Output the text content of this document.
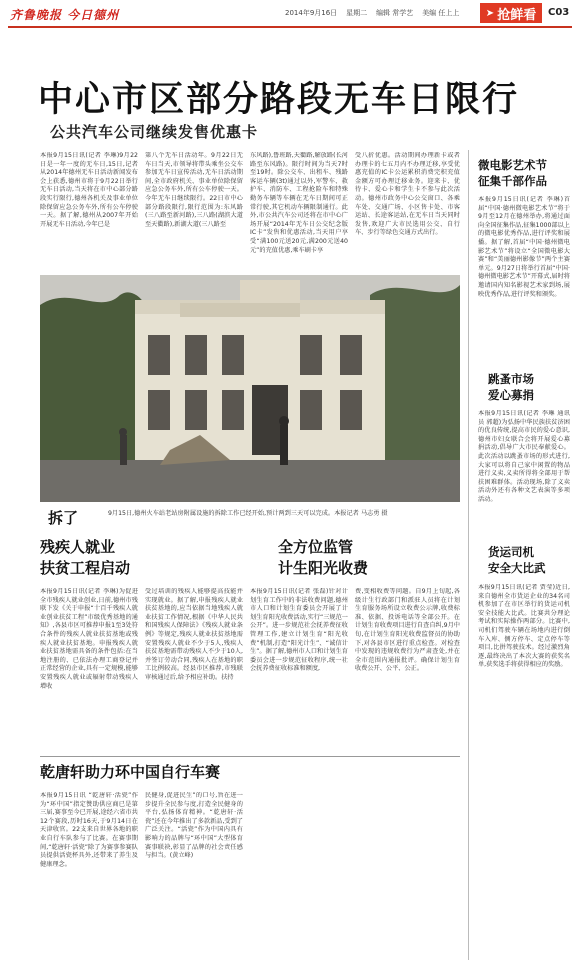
齐鲁晚报 今日德州	2014年9月16日 星期二 编辑 常学艺 美编 任上上	➤ 抢鲜看 C03
中心市区部分路段无车日限行
公共汽车公司继续发售优惠卡
本报9月15日讯(记者 李琳)9月22日是一年一度的无车日,15日,记者从2014年德州无车日活动新闻发布会上获悉,德州市将于9月22日举行无车日活动,当天将在市中心部分路段实行限行,德州各机关及事业单位除保留应急公务车外,所有公车停驶一天。据了解,德州从2007年开始开展无车日活动,今年已是
第八个无车日活动年。9月22日无车日当天,市领导将带头乘坐公交车参加无车日宣传活动,无车日活动期间,全市政府机关、事业单位除保留应急公务车外,所有公车停驶一天。今年无车日继续限行。22日市中心部分路段限行,限行范围为:东风路(三八路至新河路),三八路(湖滨大道至天衢路),新湖大道(三八路至
东风路),鲁班路,天衢路,解放路(长河路至东风路)。限行时间为当天7时至19时。除公交车、出租车、残路客运车辆(3t)通过以外,军警车、救护车、消防车、工程抢险车和特殊勤务车辆等车辆在无车日期间可正常行驶,其它机动车辆限制通行。此外,市公共汽车公司还将在市中心广场开展“2014年无车日公交纪念版IC卡”发售和优惠活动,当天用户享受“满100元送20元,满200元送40元”的充值优惠,乘车刷卡享
受八折优惠。活动期间办理新卡或者办理卡的七五月内不办理迁移,享受优惠充值的IC卡公运累积消费完积充值金额方可办理迁移业务。迎来卡、优待卡、爱心卡和学生卡不参与此次活动。德州市政务中心公交窗口、各乘车处、交通广场、小区售卡处、市客运站、长途客运站,在无车日当天同时发售,欢迎广大市民选用公交、自行车、步行等绿色交通方式出行。
拆了	9月15日,德州火车站老站房附属设施的拆除工作已经开始,预计两到三天可以完成。本报记者 马志勇 摄
残疾人就业
扶贫工程启动
本报9月15日讯(记者 李琳)为促进全市残疾人就业创业,日前,德州市残联下发《关于申报“十百千残疾人就业创业扶贫工程”市级优秀基地的通知》,各县市区可推荐申报1至3处符合条件的残疾人就业扶贫基地或残疾人就业扶贫基地。申报残疾人就业扶贫基地需具备的条件包括:在当地注册的、已依法办理工商登记并正常经营的企业,具有一定规模,能够安置残疾人就业或辐射带动残疾人增收
受过培训的残疾人能够提高技能并实现就业。据了解,申报残疾人就业扶贫基地的,应当依据当地残疾人就业扶贫工作情况,根据《中华人民共和国残疾人保障法》《残疾人就业条例》等规定,残疾人就业扶贫基地需安置残疾人就业不少于5人,残疾人扶贫基地需带动残疾人不少于10人,并签订劳动合同,残疾人在基地的职工比例较高。经县市区推荐,市残联审核通过后,给予相应补助。扶持
全方位监管
计生阳光收费
本报9月15日讯(记者 张磊)针对计划生育工作中的非法收费问题,德州市人口和计划生育委员会开展了计划生育阳光收费活动,实行“三规范一公开”。进一步规范社会抚养费征收管理工作,建立计划生育“阳光收费”机制,打造“阳光计生”、“诚信计生”。据了解,德州市人口和计划生育委员会进一步规范征收程序,统一社会抚养费征收标准和额度,
费,变相收费等问题。自9月上旬起,各级计生行政部门和派驻人员将在计划生育服务场所设立收费公示牌,收费标准、依据、投诉电话等全部公开。在计划生育收费项目进行自查自纠,9月中旬,在计划生育阳光收费监督员的协助下,对各县市区进行重点检查。对检查中发现的违规收费行为严肃查处,并在全市范围内通报批评。确保计划生育收费公开、公平、公正。
乾唐轩助力环中国自行车赛
本报9月15日讯 “乾唐轩·活瓷”作为“环中国”指定赞助供应商已是第三届,赛事至今已开展,途经六省市共12个赛段,历时16天,于9月14日在天津收官。22支来自世界各地的职业自行车队参与了比赛。在赛事期间,“乾唐轩·活瓷”除了为赛事参赛队员提供活瓷杯具外,还带来了养生及健康理念。
民健身,促进民生”的口号,旨在进一步提升全民参与度,打造全民健身的平台,弘扬体育精神。“乾唐轩·活瓷”还在今年推出了多款新品,受到了广泛关注。“活瓷”作为中国内具有影响力的品牌与“环中国”大型体育赛事联袂,彰显了品牌的社会责任感与担当。(黄立峰)
微电影艺术节
征集千部作品
本报9月15日讯(记者 李琳)首届“中国·德州微电影艺术节”将于9月至12月在德州举办,将通过面向全国征集作品,征集1000部以上的微电影优秀作品,进行评奖和展播。据了解,首届“中国·德州微电影艺术节”将设立“全国微电影大赛”和“美丽德州影像节”两个主赛单元。9月27日将举行首届“中国·德州微电影艺术节”开幕式,届时将邀请国内知名影视艺术家到场,展映优秀作品,进行评奖和颁奖。
跳蚤市场
爱心募捐
本报9月15日讯(记者 李琳 通讯员 郭超)为弘扬中华民族扶贫济困的优良传统,提高市民的爱心意识,德州市妇女联合会将开展爱心募捐活动,倡导广大市民奉献爱心。此次活动以跳蚤市场的形式进行,大家可以将自己家中闲置的物品进行义卖,义卖所得将全部用于帮扶困难群体。活动现场,除了义卖活动外还有各种文艺表演等多项活动。
货运司机
安全大比武
本报9月15日讯(记者 贾莹)近日,来自德州全市货运企业的34名司机参加了在市区举行的货运司机安全技能大比武。比赛共分理论考试和实际操作两部分。比赛中,司机们驾驶车辆在场地内进行倒车入库、侧方停车、定点停车等项目,比拼驾驶技术。经过激烈角逐,最终决出了本次大赛的获奖名单,获奖选手将获得相应的奖励。
